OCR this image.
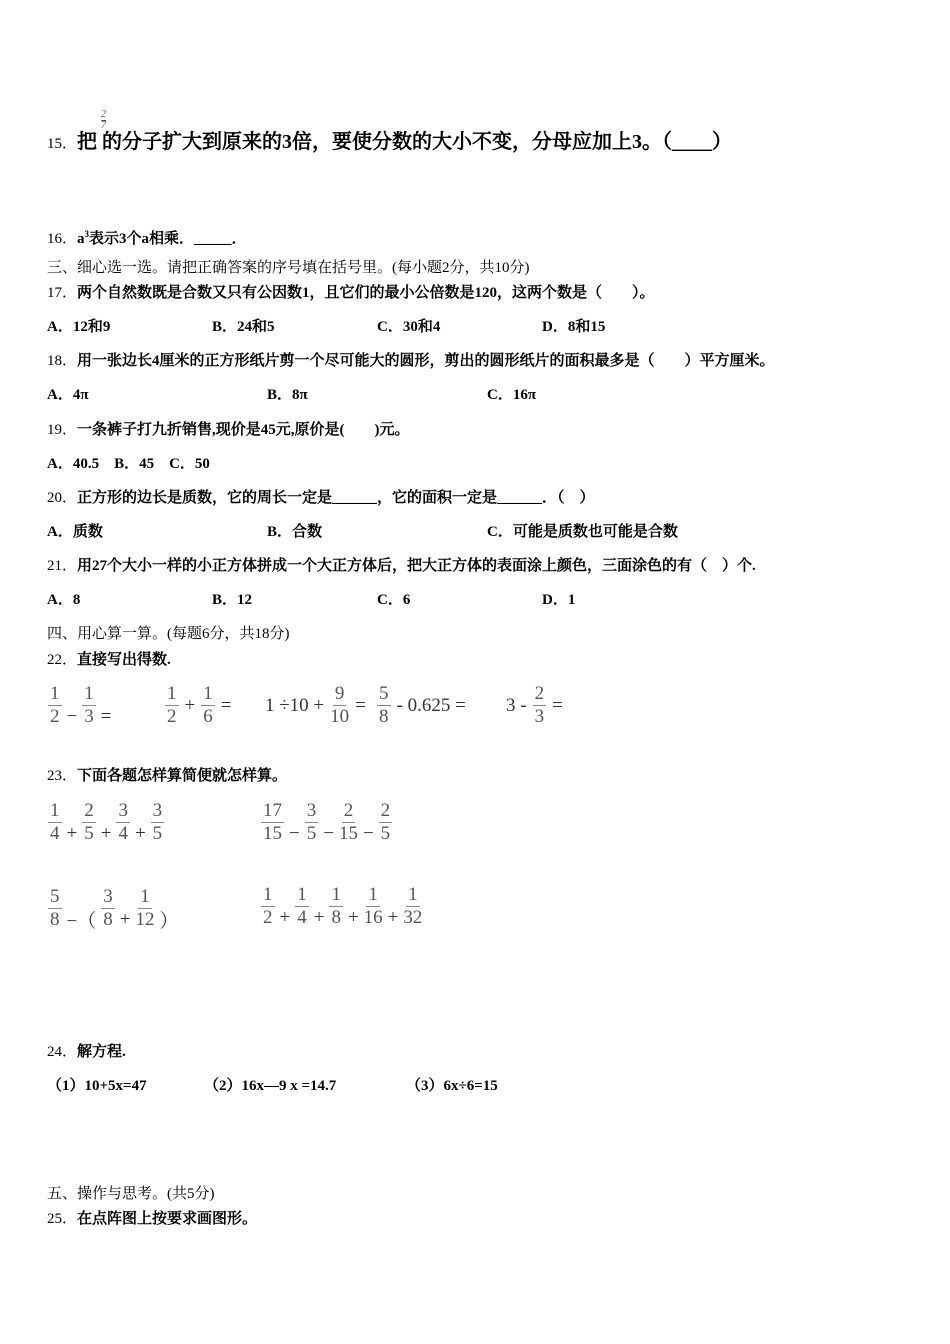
2
7
15．把 的分子扩大到原来的3倍，要使分数的大小不变，分母应加上3。（____）
16．$a^3$表示3个a相乘．_____．
三、细心选一选。请把正确答案的序号填在括号里。(每小题2分，共10分)
17．两个自然数既是合数又只有公因数1，且它们的最小公倍数是120，这两个数是（　　）。
A．12和9	B．24和5	C．30和4	D．8和15
18．用一张边长4厘米的正方形纸片剪一个尽可能大的圆形，剪出的圆形纸片的面积最多是（　　）平方厘米。
A．4π	B．8π	C．16π
19．一条裤子打九折销售,现价是45元,原价是(　　)元。
A．40.5　B．45　C．50
20．正方形的边长是质数，它的周长一定是______，它的面积一定是______．（　）
A．质数	B．合数	C．可能是质数也可能是合数
21．用27个大小一样的小正方体拼成一个大正方体后，把大正方体的表面涂上颜色，三面涂色的有（　）个.
A．8	B．12	C．6	D．1
四、用心算一算。(每题6分，共18分)
22．直接写出得数.
$\frac{1}{2} - \frac{1}{3}$ =	$\frac{1}{2} + \frac{1}{6} = 1 \div 10 + \frac{9}{10} = \frac{5}{8} - 0.625 = 3 - \frac{2}{3}$ =
23．下面各题怎样算简便就怎样算。
$\frac{1}{4} + \frac{2}{5} + \frac{3}{4} + \frac{3}{5}$	$\frac{17}{15} - \frac{3}{5} - \frac{2}{15} - \frac{2}{5}$
$\frac{5}{8}$ −（ $\frac{3}{8} + \frac{1}{12}$ ）	$\frac{1}{2} + \frac{1}{4} + \frac{1}{8} + \frac{1}{16} + \frac{1}{32}$
24．解方程.
（1）10+5x=47	（2）16x—9 x =14.7	（3）6x÷6=15
五、操作与思考。(共5分)
25．在点阵图上按要求画图形。
